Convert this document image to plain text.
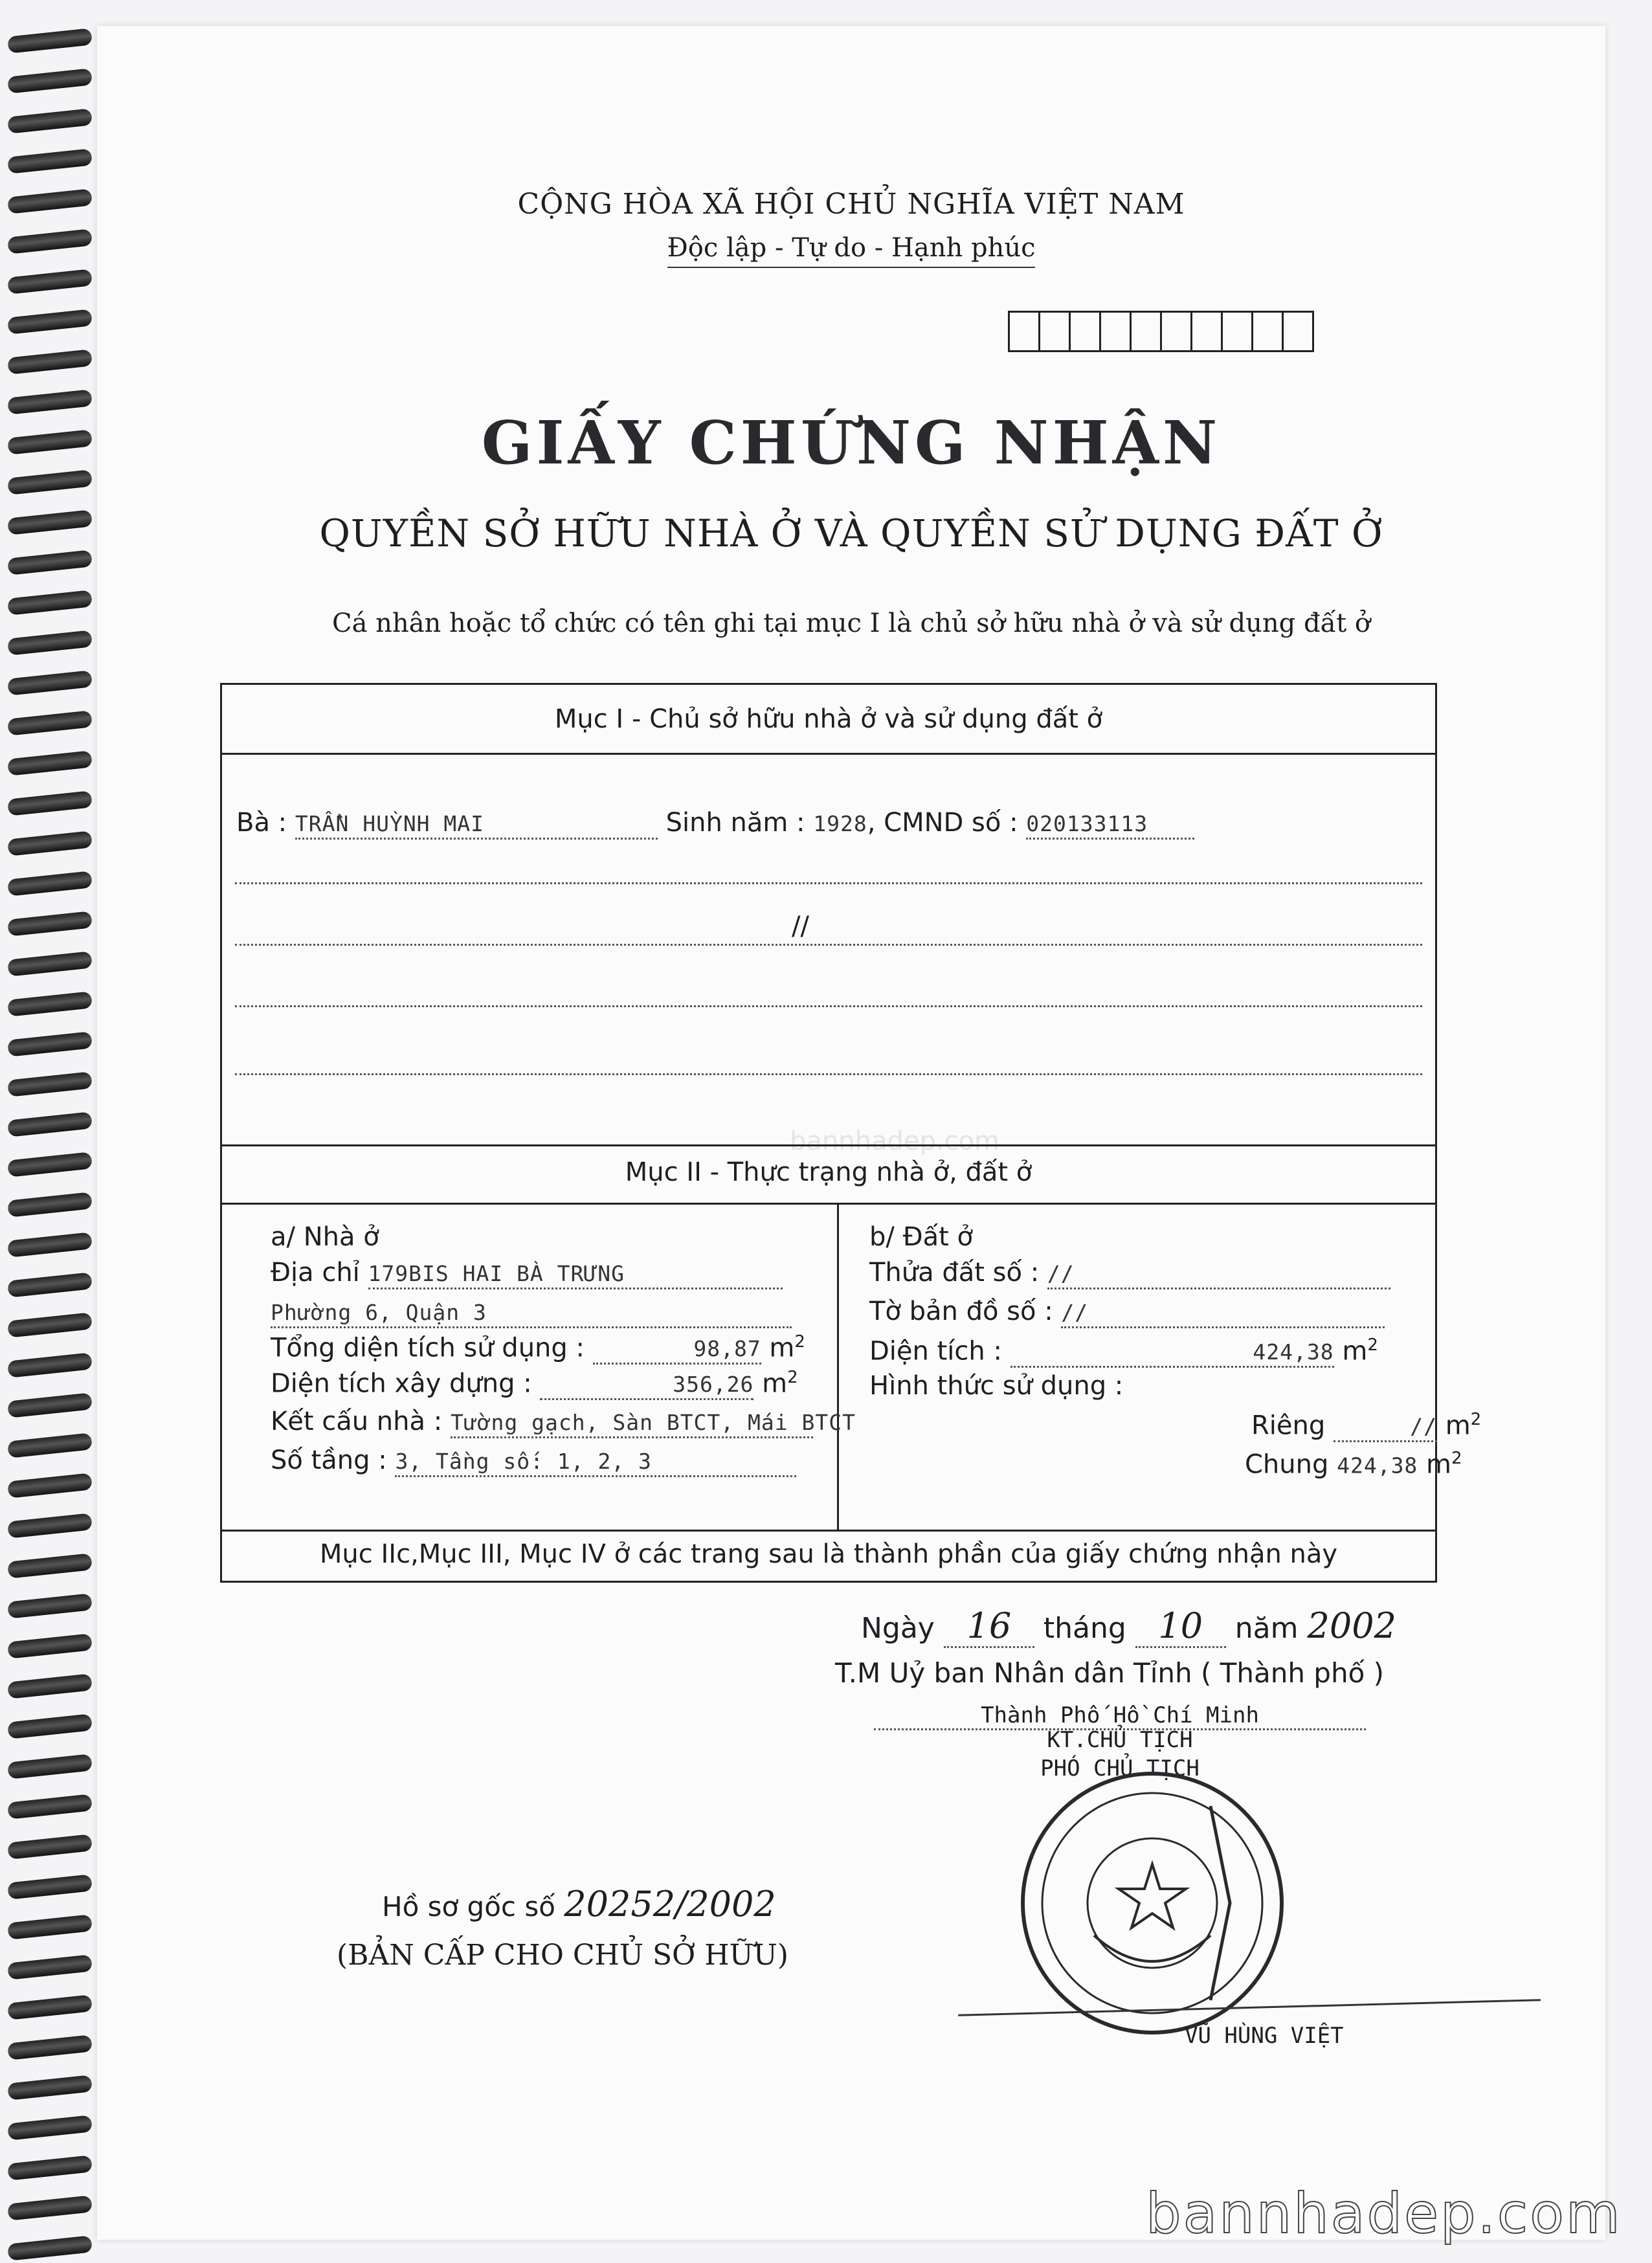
CỘNG HÒA XÃ HỘI CHỦ NGHĨA VIỆT NAM
Độc lập - Tự do - Hạnh phúc
GIẤY CHỨNG NHẬN
QUYỀN SỞ HỮU NHÀ Ở VÀ QUYỀN SỬ DỤNG ĐẤT Ở
Cá nhân hoặc tổ chức có tên ghi tại mục I là chủ sở hữu nhà ở và sử dụng đất ở
bannhadep.com
Mục I - Chủ sở hữu nhà ở và sử dụng đất ở
Bà : TRẦN HUỲNH MAI	Sinh năm : 1928, CMND số : 020133113
//
Mục II - Thực trạng nhà ở, đất ở
a/ Nhà ở
Địa chỉ 179BIS HAI BÀ TRƯNG
Phường 6, Quận 3
Tổng diện tích sử dụng :	98,87 $m^2$
Diện tích xây dựng :	356,26 $m^2$
Kết cấu nhà : Tường gạch, Sàn BTCT, Mái BTCT
Số tầng : 3, Tầng số: 1, 2, 3
b/ Đất ở
Thửa đất số : //
Tờ bản đồ số : //
Diện tích :	424,38 $m^2$
Hình thức sử dụng :
Riêng	// $m^2$
Chung 424,38 $m^2$
Mục IIc,Mục III, Mục IV ở các trang sau là thành phần của giấy chứng nhận này
Ngày 16 tháng 10 năm 2002
T.M Uỷ ban Nhân dân Tỉnh ( Thành phố )
Thành Phố Hồ Chí Minh
KT.CHỦ TỊCH
PHÓ CHỦ TỊCH
VŨ HÙNG VIỆT
Hồ sơ gốc số 20252/2002
(BẢN CẤP CHO CHỦ SỞ HỮU)
bannhadep.com
